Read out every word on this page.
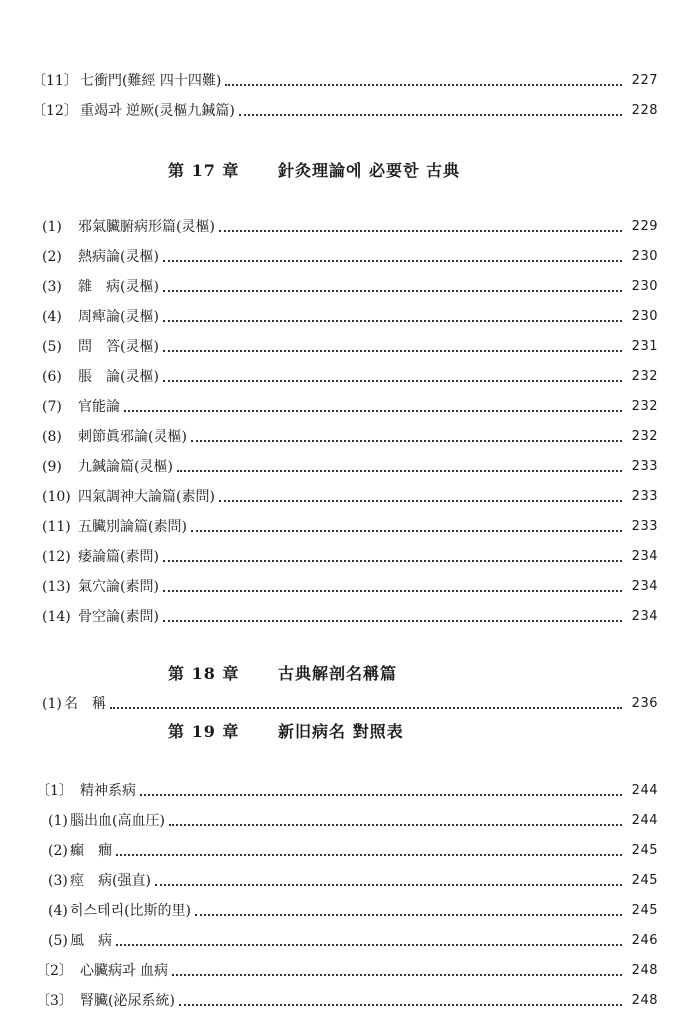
〔11〕 七衝門(難經 四十四難)	227
〔12〕 重竭과 逆厥(灵樞九鍼篇)	228
第 17 章	針灸理論에 必要한 古典
(1)	邪氣臟腑病形篇(灵樞)	229
(2)	熱病論(灵樞)	230
(3)	雜　病(灵樞)	230
(4)	周痺論(灵樞)	230
(5)	問　答(灵樞)	231
(6)	脹　論(灵樞)	232
(7)	官能論	232
(8)	刺節眞邪論(灵樞)	232
(9)	九鍼論篇(灵樞)	233
(10) 四氣調神大論篇(素問)	233
(11) 五臟別論篇(素問)	233
(12) 痿論篇(素問)	234
(13) 氣穴論(素問)	234
(14) 骨空論(素問)	234
第 18 章	古典解剖名稱篇
(1) 名　稱	236
第 19 章	新旧病名 對照表
〔1〕 精神系病	244
(1) 腦出血(高血圧)	244
(2) 癲　癎	245
(3) 痙　病(强直)	245
(4) 히스테리(比斯的里)	245
(5) 風　病	246
〔2〕 心臟病과 血病	248
〔3〕 腎臟(泌尿系統)	248
